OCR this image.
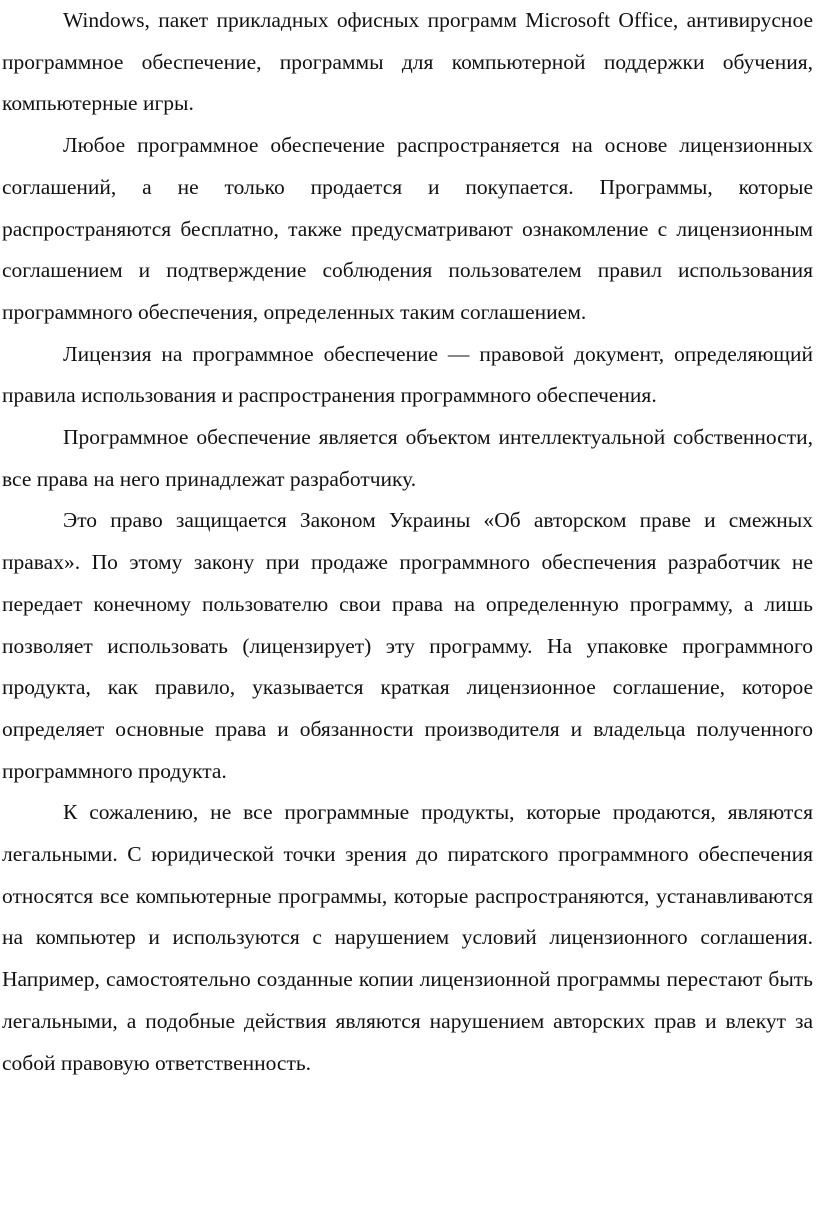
Windows, пакет прикладных офисных программ Microsoft Office, антивирусное программное обеспечение, программы для компьютерной поддержки обучения, компьютерные игры.

Любое программное обеспечение распространяется на основе лицензионных соглашений, а не только продается и покупается. Программы, которые распространяются бесплатно, также предусматривают ознакомление с лицензионным соглашением и подтверждение соблюдения пользователем правил использования программного обеспечения, определенных таким соглашением.

Лицензия на программное обеспечение — правовой документ, определяющий правила использования и распространения программного обеспечения.

Программное обеспечение является объектом интеллектуальной собственности, все права на него принадлежат разработчику.

Это право защищается Законом Украины «Об авторском праве и смежных правах». По этому закону при продаже программного обеспечения разработчик не передает конечному пользователю свои права на определенную программу, а лишь позволяет использовать (лицензирует) эту программу. На упаковке программного продукта, как правило, указывается краткая лицензионное соглашение, которое определяет основные права и обязанности производителя и владельца полученного программного продукта.

К сожалению, не все программные продукты, которые продаются, являются легальными. С юридической точки зрения до пиратского программного обеспечения относятся все компьютерные программы, которые распространяются, устанавливаются на компьютер и используются с нарушением условий лицензионного соглашения. Например, самостоятельно созданные копии лицензионной программы перестают быть легальными, а подобные действия являются нарушением авторских прав и влекут за собой правовую ответственность.
